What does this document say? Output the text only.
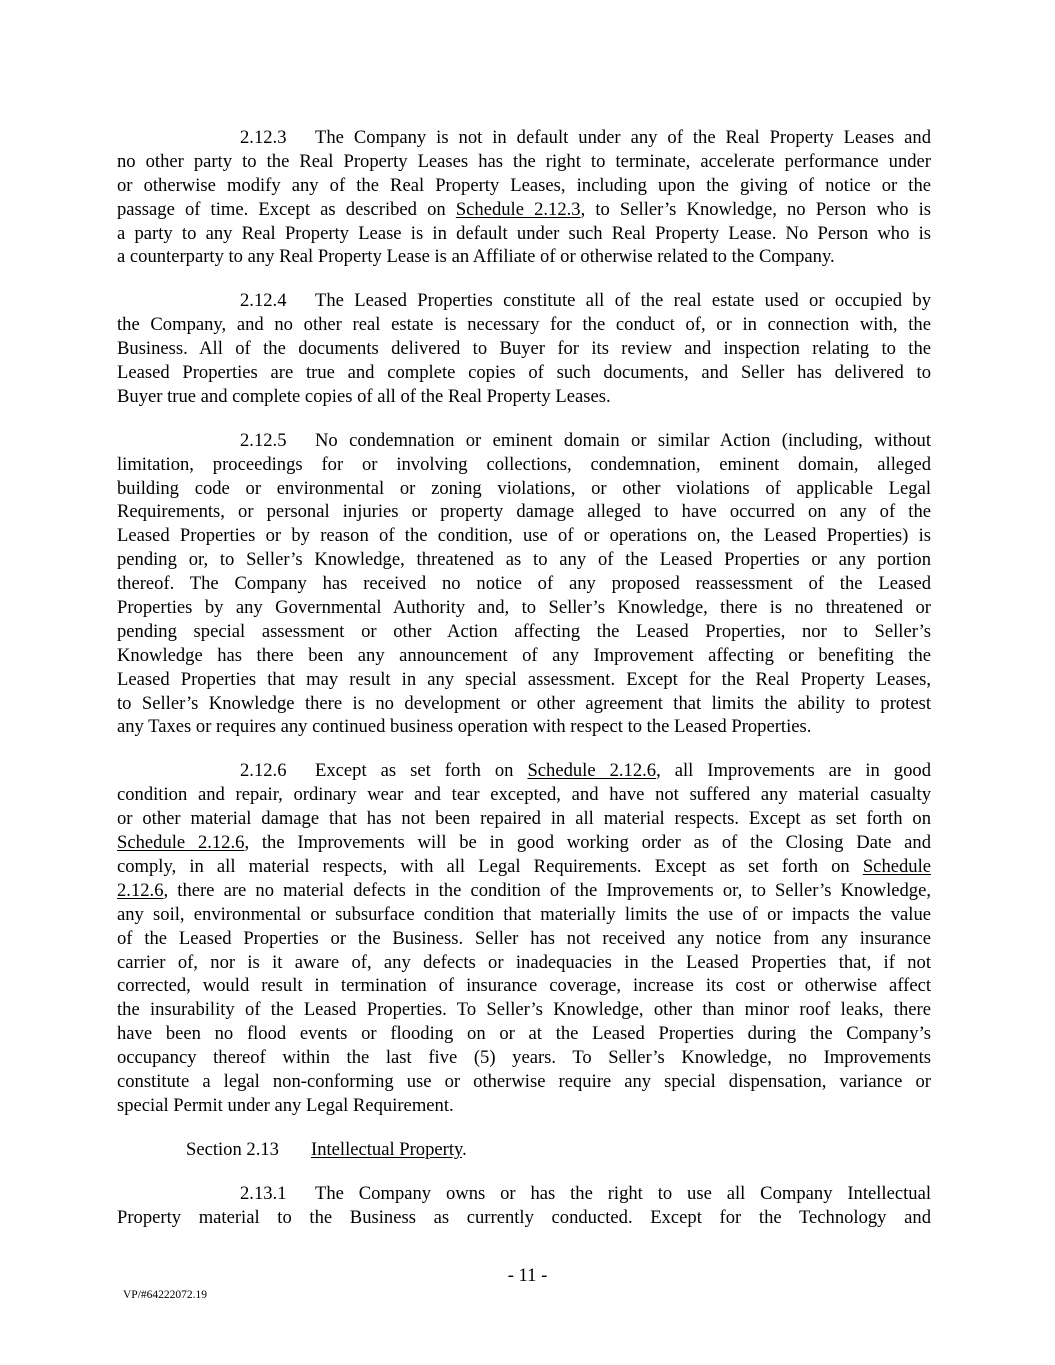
2.12.3 The Company is not in default under any of the Real Property Leases and
no other party to the Real Property Leases has the right to terminate, accelerate performance under
or otherwise modify any of the Real Property Leases, including upon the giving of notice or the
passage of time. Except as described on Schedule 2.12.3, to Seller’s Knowledge, no Person who is
a party to any Real Property Lease is in default under such Real Property Lease. No Person who is
a counterparty to any Real Property Lease is an Affiliate of or otherwise related to the Company.
2.12.4 The Leased Properties constitute all of the real estate used or occupied by
the Company, and no other real estate is necessary for the conduct of, or in connection with, the
Business. All of the documents delivered to Buyer for its review and inspection relating to the
Leased Properties are true and complete copies of such documents, and Seller has delivered to
Buyer true and complete copies of all of the Real Property Leases.
2.12.5 No condemnation or eminent domain or similar Action (including, without
limitation, proceedings for or involving collections, condemnation, eminent domain, alleged
building code or environmental or zoning violations, or other violations of applicable Legal
Requirements, or personal injuries or property damage alleged to have occurred on any of the
Leased Properties or by reason of the condition, use of or operations on, the Leased Properties) is
pending or, to Seller’s Knowledge, threatened as to any of the Leased Properties or any portion
thereof. The Company has received no notice of any proposed reassessment of the Leased
Properties by any Governmental Authority and, to Seller’s Knowledge, there is no threatened or
pending special assessment or other Action affecting the Leased Properties, nor to Seller’s
Knowledge has there been any announcement of any Improvement affecting or benefiting the
Leased Properties that may result in any special assessment. Except for the Real Property Leases,
to Seller’s Knowledge there is no development or other agreement that limits the ability to protest
any Taxes or requires any continued business operation with respect to the Leased Properties.
2.12.6 Except as set forth on Schedule 2.12.6, all Improvements are in good
condition and repair, ordinary wear and tear excepted, and have not suffered any material casualty
or other material damage that has not been repaired in all material respects. Except as set forth on
Schedule 2.12.6, the Improvements will be in good working order as of the Closing Date and
comply, in all material respects, with all Legal Requirements. Except as set forth on Schedule
2.12.6, there are no material defects in the condition of the Improvements or, to Seller’s Knowledge,
any soil, environmental or subsurface condition that materially limits the use of or impacts the value
of the Leased Properties or the Business. Seller has not received any notice from any insurance
carrier of, nor is it aware of, any defects or inadequacies in the Leased Properties that, if not
corrected, would result in termination of insurance coverage, increase its cost or otherwise affect
the insurability of the Leased Properties. To Seller’s Knowledge, other than minor roof leaks, there
have been no flood events or flooding on or at the Leased Properties during the Company’s
occupancy thereof within the last five (5) years. To Seller’s Knowledge, no Improvements
constitute a legal non-conforming use or otherwise require any special dispensation, variance or
special Permit under any Legal Requirement.
Section 2.13 Intellectual Property.
2.13.1 The Company owns or has the right to use all Company Intellectual
Property material to the Business as currently conducted. Except for the Technology and
- 11 -
VP/#64222072.19
